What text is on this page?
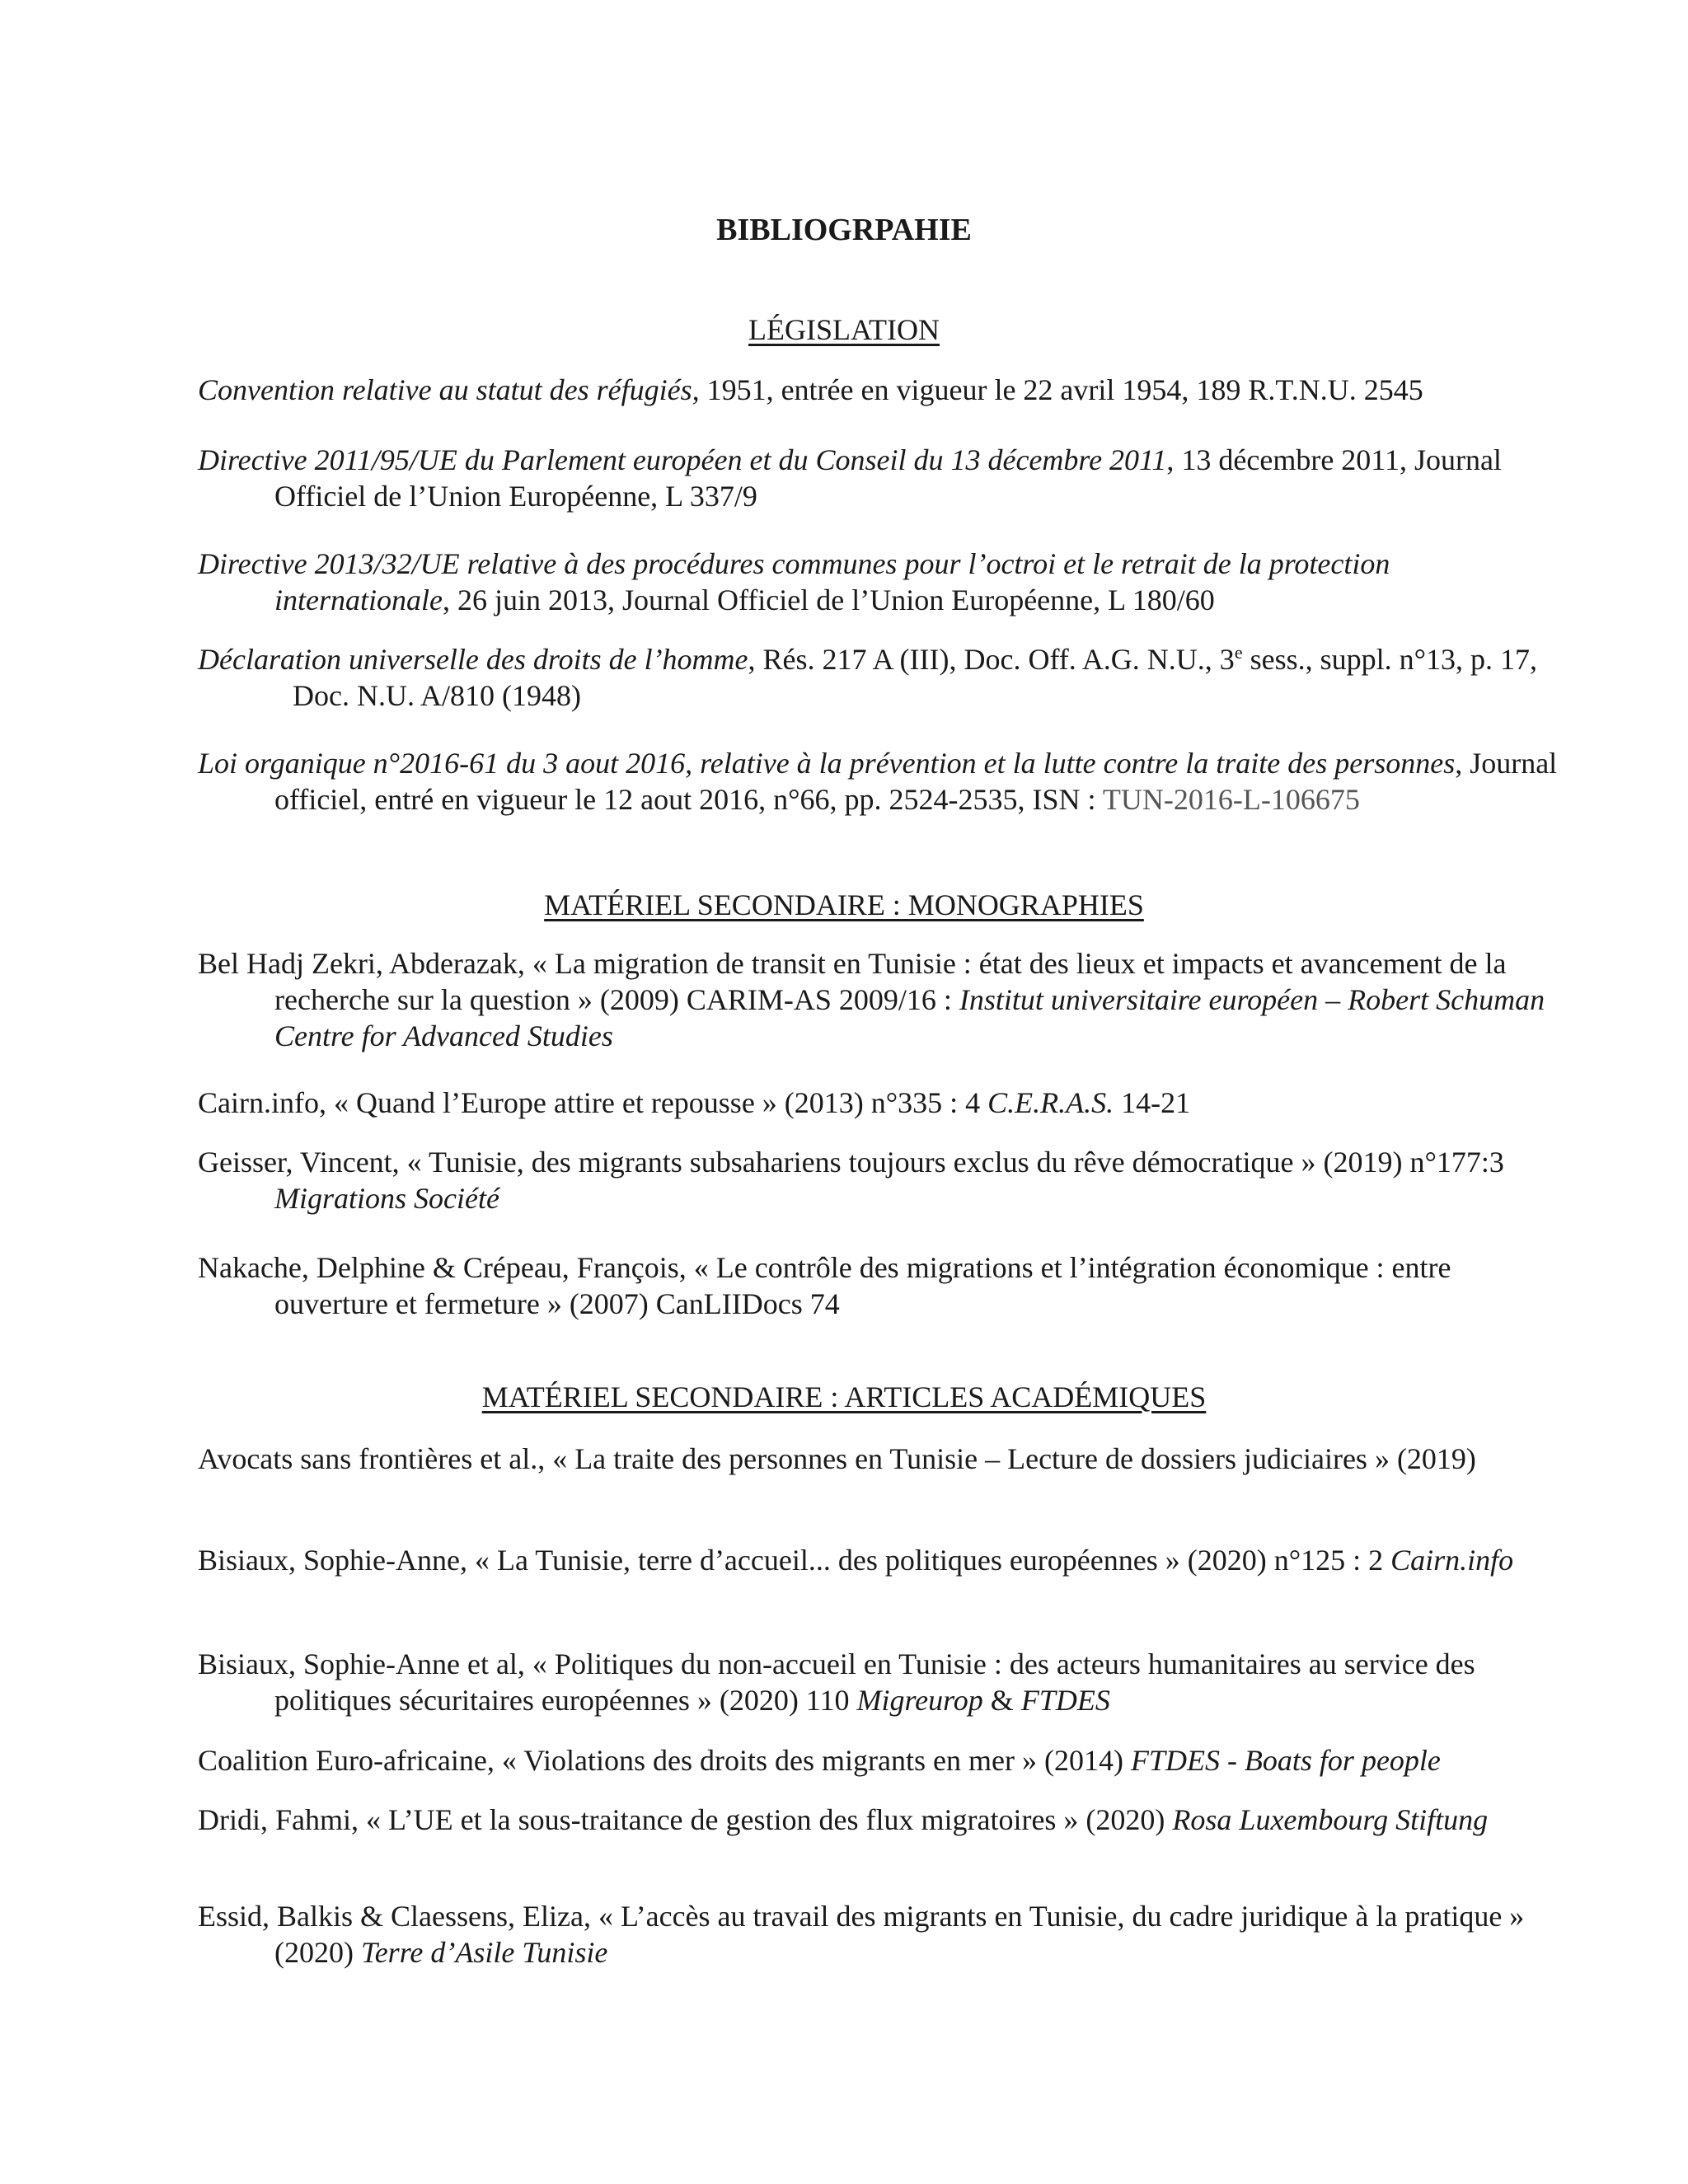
BIBLIOGRPAHIE
LÉGISLATION
Convention relative au statut des réfugiés, 1951, entrée en vigueur le 22 avril 1954, 189 R.T.N.U. 2545
Directive 2011/95/UE du Parlement européen et du Conseil du 13 décembre 2011, 13 décembre 2011, Journal Officiel de l’Union Européenne, L 337/9
Directive 2013/32/UE relative à des procédures communes pour l’octroi et le retrait de la protection internationale, 26 juin 2013, Journal Officiel de l’Union Européenne, L 180/60
Déclaration universelle des droits de l’homme, Rés. 217 A (III), Doc. Off. A.G. N.U., 3e sess., suppl. n°13, p. 17, Doc. N.U. A/810 (1948)
Loi organique n°2016-61 du 3 aout 2016, relative à la prévention et la lutte contre la traite des personnes, Journal officiel, entré en vigueur le 12 aout 2016, n°66, pp. 2524-2535, ISN : TUN-2016-L-106675
MATÉRIEL SECONDAIRE : MONOGRAPHIES
Bel Hadj Zekri, Abderazak, « La migration de transit en Tunisie : état des lieux et impacts et avancement de la recherche sur la question » (2009) CARIM-AS 2009/16 : Institut universitaire européen – Robert Schuman Centre for Advanced Studies
Cairn.info, « Quand l’Europe attire et repousse » (2013) n°335 : 4 C.E.R.A.S. 14-21
Geisser, Vincent, « Tunisie, des migrants subsahariens toujours exclus du rêve démocratique » (2019) n°177:3 Migrations Société
Nakache, Delphine & Crépeau, François, « Le contrôle des migrations et l’intégration économique : entre ouverture et fermeture » (2007) CanLIIDocs 74
MATÉRIEL SECONDAIRE : ARTICLES ACADÉMIQUES
Avocats sans frontières et al., « La traite des personnes en Tunisie – Lecture de dossiers judiciaires » (2019)
Bisiaux, Sophie-Anne, « La Tunisie, terre d’accueil... des politiques européennes » (2020) n°125 : 2 Cairn.info
Bisiaux, Sophie-Anne et al, « Politiques du non-accueil en Tunisie : des acteurs humanitaires au service des politiques sécuritaires européennes » (2020) 110 Migreurop & FTDES
Coalition Euro-africaine, « Violations des droits des migrants en mer » (2014) FTDES - Boats for people
Dridi, Fahmi, « L’UE et la sous-traitance de gestion des flux migratoires » (2020) Rosa Luxembourg Stiftung
Essid, Balkis & Claessens, Eliza, « L’accès au travail des migrants en Tunisie, du cadre juridique à la pratique » (2020) Terre d’Asile Tunisie
